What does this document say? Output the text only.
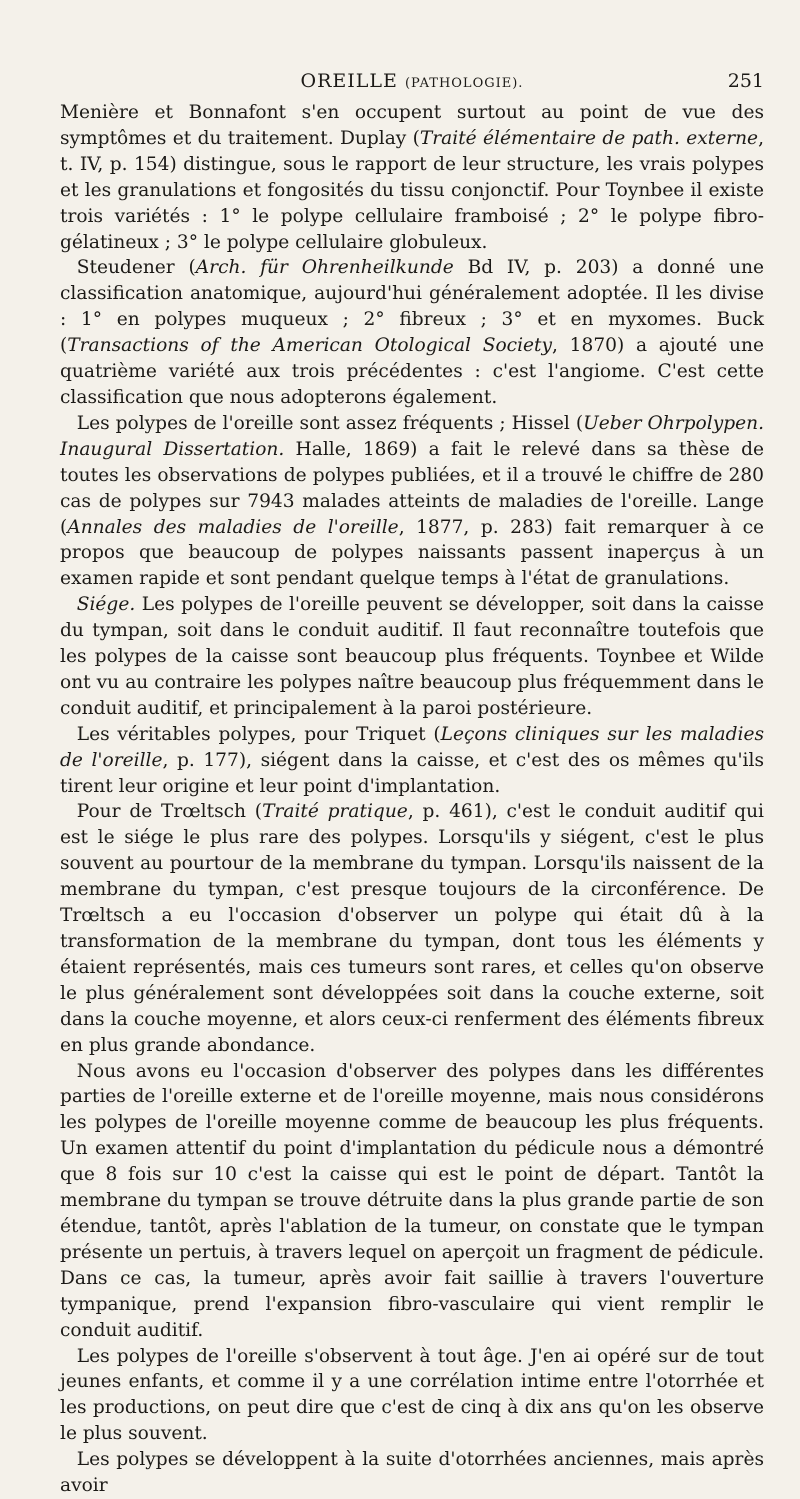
OREILLE (PATHOLOGIE).	251

Menière et Bonnafont s'en occupent surtout au point de vue des symptômes et du traitement. Duplay (Traité élémentaire de path. externe, t. IV, p. 154) distingue, sous le rapport de leur structure, les vrais polypes et les granulations et fongosités du tissu conjonctif. Pour Toynbee il existe trois variétés : 1° le polype cellulaire framboisé ; 2° le polype fibro-gélatineux ; 3° le polype cellulaire globuleux.

Steudener (Arch. für Ohrenheilkunde Bd IV, p. 203) a donné une classification anatomique, aujourd'hui généralement adoptée. Il les divise : 1° en polypes muqueux ; 2° fibreux ; 3° et en myxomes. Buck (Transactions of the American Otological Society, 1870) a ajouté une quatrième variété aux trois précédentes : c'est l'angiome. C'est cette classification que nous adopterons également.

Les polypes de l'oreille sont assez fréquents ; Hissel (Ueber Ohrpolypen. Inaugural Dissertation. Halle, 1869) a fait le relevé dans sa thèse de toutes les observations de polypes publiées, et il a trouvé le chiffre de 280 cas de polypes sur 7943 malades atteints de maladies de l'oreille. Lange (Annales des maladies de l'oreille, 1877, p. 283) fait remarquer à ce propos que beaucoup de polypes naissants passent inaperçus à un examen rapide et sont pendant quelque temps à l'état de granulations.

Siége. Les polypes de l'oreille peuvent se développer, soit dans la caisse du tympan, soit dans le conduit auditif. Il faut reconnaître toutefois que les polypes de la caisse sont beaucoup plus fréquents. Toynbee et Wilde ont vu au contraire les polypes naître beaucoup plus fréquemment dans le conduit auditif, et principalement à la paroi postérieure.

Les véritables polypes, pour Triquet (Leçons cliniques sur les maladies de l'oreille, p. 177), siégent dans la caisse, et c'est des os mêmes qu'ils tirent leur origine et leur point d'implantation.

Pour de Trœltsch (Traité pratique, p. 461), c'est le conduit auditif qui est le siége le plus rare des polypes. Lorsqu'ils y siégent, c'est le plus souvent au pourtour de la membrane du tympan. Lorsqu'ils naissent de la membrane du tympan, c'est presque toujours de la circonférence. De Trœltsch a eu l'occasion d'observer un polype qui était dû à la transformation de la membrane du tympan, dont tous les éléments y étaient représentés, mais ces tumeurs sont rares, et celles qu'on observe le plus généralement sont développées soit dans la couche externe, soit dans la couche moyenne, et alors ceux-ci renferment des éléments fibreux en plus grande abondance.

Nous avons eu l'occasion d'observer des polypes dans les différentes parties de l'oreille externe et de l'oreille moyenne, mais nous considérons les polypes de l'oreille moyenne comme de beaucoup les plus fréquents. Un examen attentif du point d'implantation du pédicule nous a démontré que 8 fois sur 10 c'est la caisse qui est le point de départ. Tantôt la membrane du tympan se trouve détruite dans la plus grande partie de son étendue, tantôt, après l'ablation de la tumeur, on constate que le tympan présente un pertuis, à travers lequel on aperçoit un fragment de pédicule. Dans ce cas, la tumeur, après avoir fait saillie à travers l'ouverture tympanique, prend l'expansion fibro-vasculaire qui vient remplir le conduit auditif.

Les polypes de l'oreille s'observent à tout âge. J'en ai opéré sur de tout jeunes enfants, et comme il y a une corrélation intime entre l'otorrhée et les productions, on peut dire que c'est de cinq à dix ans qu'on les observe le plus souvent.

Les polypes se développent à la suite d'otorrhées anciennes, mais après avoir
